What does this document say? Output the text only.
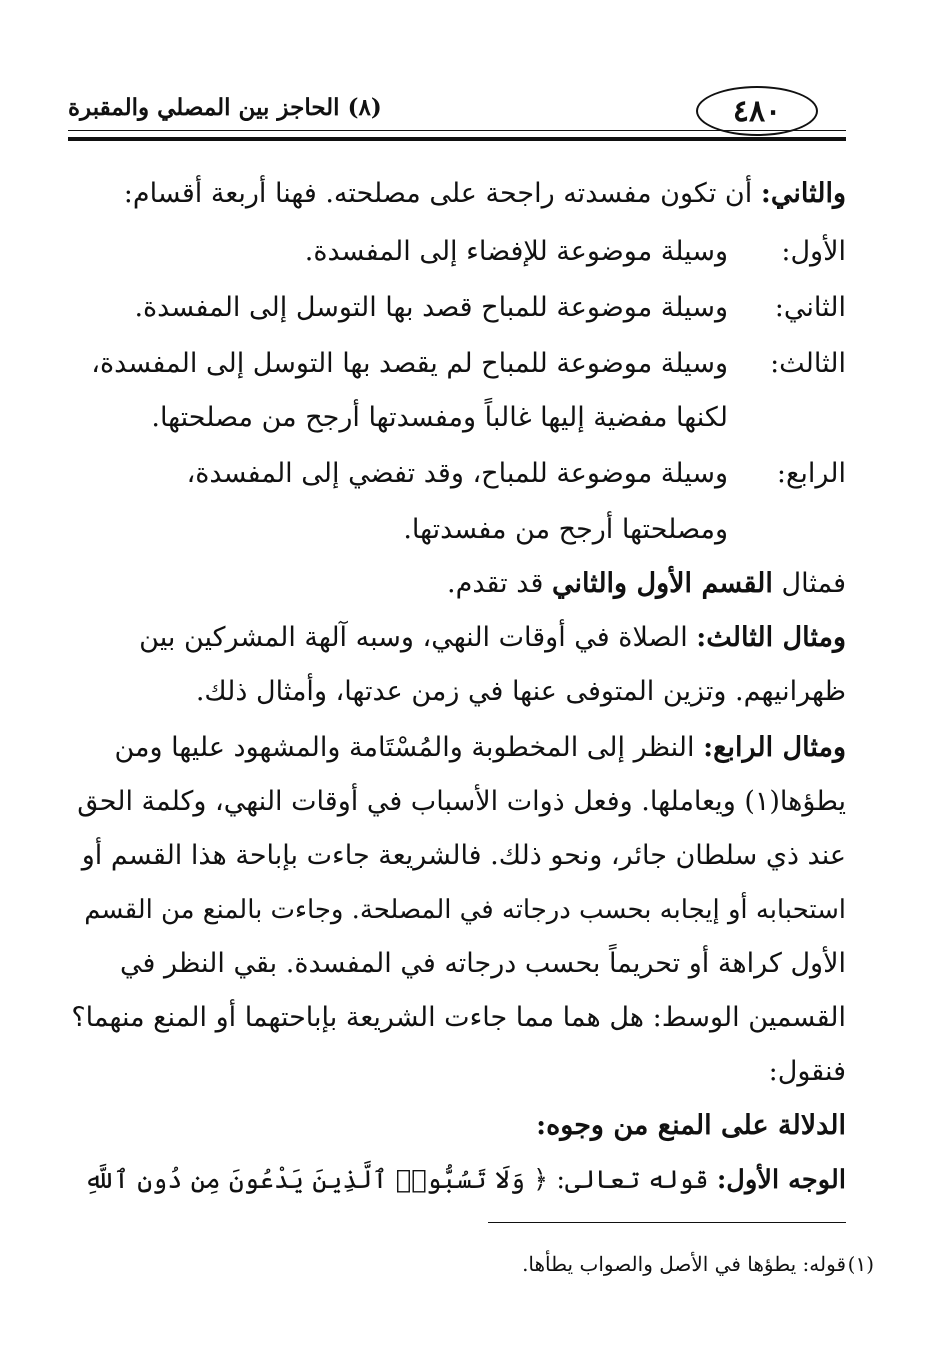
(٨) الحاجز بين المصلي والمقبرة	٤٨٠
والثاني: أن تكون مفسدته راجحة على مصلحته. فهنا أربعة أقسام:
الأول:وسيلة موضوعة للإفضاء إلى المفسدة.
الثاني:وسيلة موضوعة للمباح قصد بها التوسل إلى المفسدة.
الثالث:وسيلة موضوعة للمباح لم يقصد بها التوسل إلى المفسدة،
لكنها مفضية إليها غالباً ومفسدتها أرجح من مصلحتها.
الرابع:وسيلة موضوعة للمباح، وقد تفضي إلى المفسدة،
ومصلحتها أرجح من مفسدتها.
فمثال القسم الأول والثاني قد تقدم.
ومثال الثالث: الصلاة في أوقات النهي، وسبه آلهة المشركين بين
ظهرانيهم. وتزين المتوفى عنها في زمن عدتها، وأمثال ذلك.
ومثال الرابع: النظر إلى المخطوبة والمُسْتَامة والمشهود عليها ومن
يطؤها(١) ويعاملها. وفعل ذوات الأسباب في أوقات النهي، وكلمة الحق
عند ذي سلطان جائر، ونحو ذلك. فالشريعة جاءت بإباحة هذا القسم أو
استحبابه أو إيجابه بحسب درجاته في المصلحة. وجاءت بالمنع من القسم
الأول كراهة أو تحريماً بحسب درجاته في المفسدة. بقي النظر في
القسمين الوسط: هل هما مما جاءت الشريعة بإباحتهما أو المنع منهما؟
فنقول:
الدلالة على المنع من وجوه:
الوجه الأول: قوله تعالى: ﴿ وَلَا تَسُبُّوا۟ ٱلَّذِينَ يَدْعُونَ مِن دُونِ ٱللَّهِ
(١)
قوله: يطؤها في الأصل والصواب يطأها.
